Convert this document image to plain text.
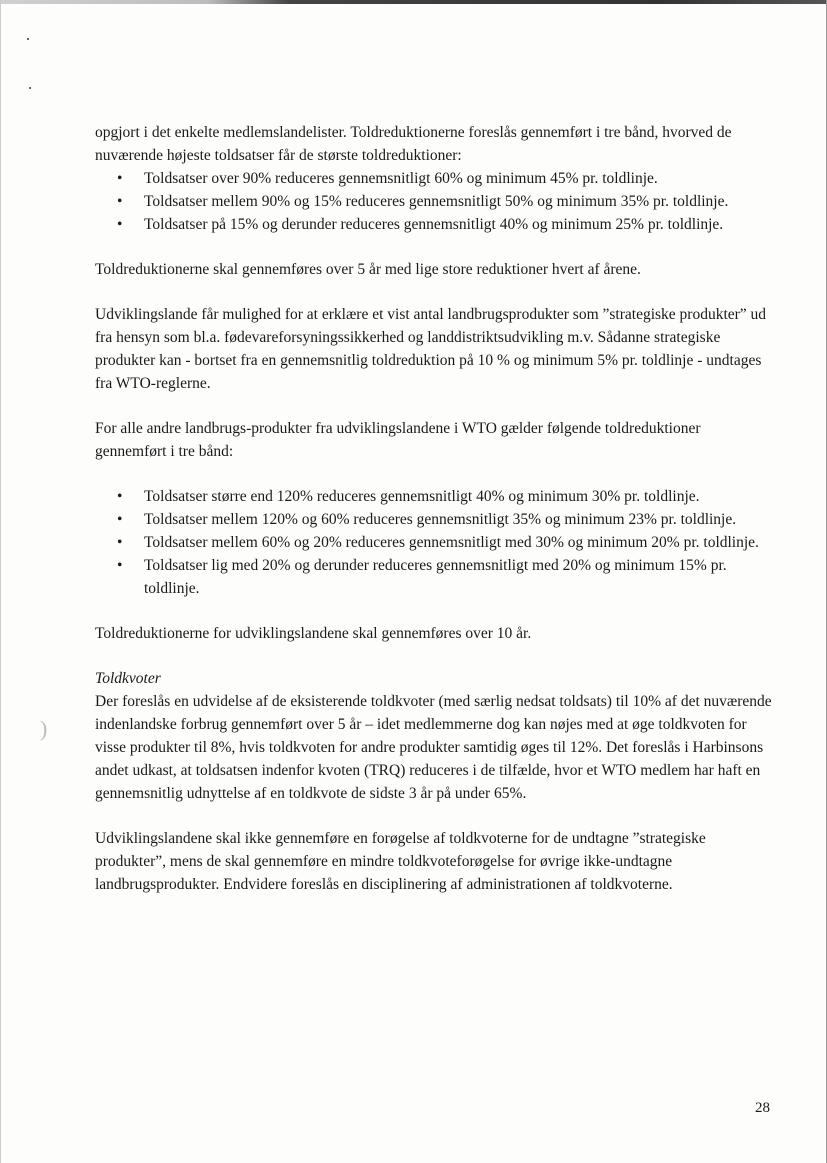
)

opgjort i det enkelte medlemslandelister. Toldreduktionerne foreslås gennemført i tre bånd, hvorved de nuværende højeste toldsatser får de største toldreduktioner:

• Toldsatser over 90% reduceres gennemsnitligt 60% og minimum 45% pr. toldlinje.
• Toldsatser mellem 90% og 15% reduceres gennemsnitligt 50% og minimum 35% pr. toldlinje.
• Toldsatser på 15% og derunder reduceres gennemsnitligt 40% og minimum 25% pr. toldlinje.

Toldreduktionerne skal gennemføres over 5 år med lige store reduktioner hvert af årene.

Udviklingslande får mulighed for at erklære et vist antal landbrugsprodukter som ”strategiske produkter” ud fra hensyn som bl.a. fødevareforsyningssikkerhed og landdistriktsudvikling m.v. Sådanne strategiske produkter kan - bortset fra en gennemsnitlig toldreduktion på 10 % og minimum 5% pr. toldlinje - undtages fra WTO-reglerne.

For alle andre landbrugs-produkter fra udviklingslandene i WTO gælder følgende toldreduktioner gennemført i tre bånd:

• Toldsatser større end 120% reduceres gennemsnitligt 40% og minimum 30% pr. toldlinje.
• Toldsatser mellem 120% og 60% reduceres gennemsnitligt 35% og minimum 23% pr. toldlinje.
• Toldsatser mellem 60% og 20% reduceres gennemsnitligt med 30% og minimum 20% pr. toldlinje.
• Toldsatser lig med 20% og derunder reduceres gennemsnitligt med 20% og minimum 15% pr. toldlinje.

Toldreduktionerne for udviklingslandene skal gennemføres over 10 år.

Toldkvoter

Der foreslås en udvidelse af de eksisterende toldkvoter (med særlig nedsat toldsats) til 10% af det nuværende indenlandske forbrug gennemført over 5 år – idet medlemmerne dog kan nøjes med at øge toldkvoten for visse produkter til 8%, hvis toldkvoten for andre produkter samtidig øges til 12%. Det foreslås i Harbinsons andet udkast, at toldsatsen indenfor kvoten (TRQ) reduceres i de tilfælde, hvor et WTO medlem har haft en gennemsnitlig udnyttelse af en toldkvote de sidste 3 år på under 65%.

Udviklingslandene skal ikke gennemføre en forøgelse af toldkvoterne for de undtagne ”strategiske produkter”, mens de skal gennemføre en mindre toldkvoteforøgelse for øvrige ikke-undtagne landbrugsprodukter. Endvidere foreslås en disciplinering af administrationen af toldkvoterne.

28
